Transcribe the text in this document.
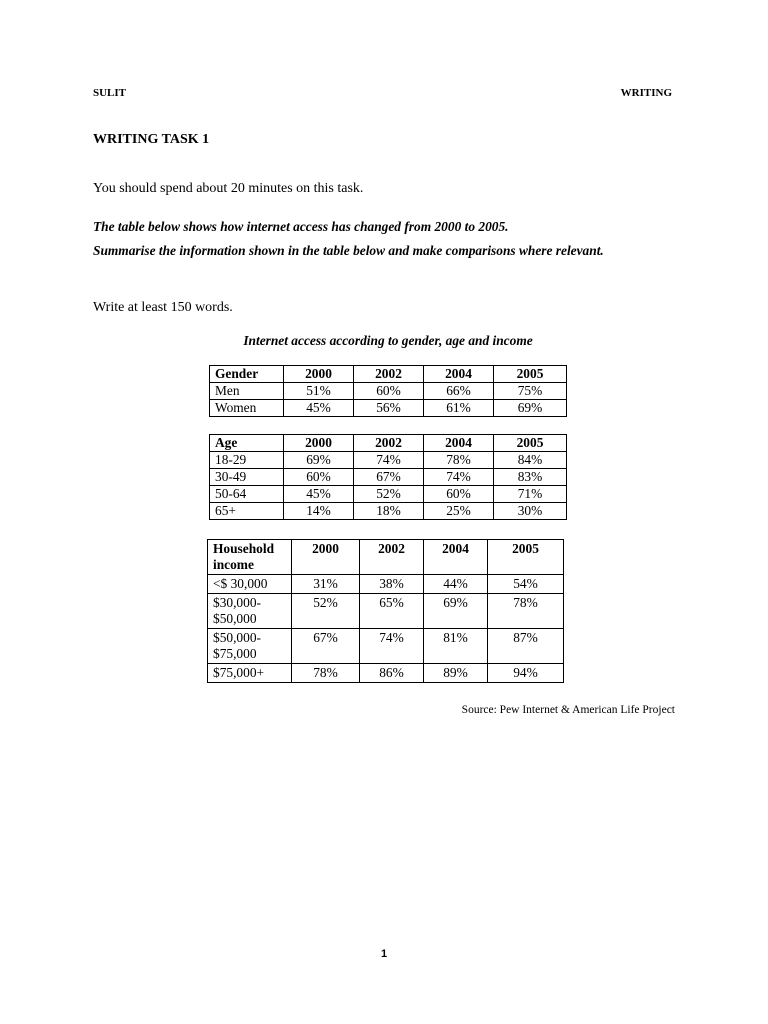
SULIT	WRITING
WRITING TASK 1
You should spend about 20 minutes on this task.
The table below shows how internet access has changed from 2000 to 2005.
Summarise the information shown in the table below and make comparisons where relevant.
Write at least 150 words.
Internet access according to gender, age and income
Gender	2000	2002	2004	2005
Men	51%	60%	66%	75%
Women	45%	56%	61%	69%
Age	2000	2002	2004	2005
18-29	69%	74%	78%	84%
30-49	60%	67%	74%	83%
50-64	45%	52%	60%	71%
65+	14%	18%	25%	30%
Household income	2000	2002	2004	2005
<$ 30,000	31%	38%	44%	54%
$30,000- $50,000	52%	65%	69%	78%
$50,000- $75,000	67%	74%	81%	87%
$75,000+	78%	86%	89%	94%
Source: Pew Internet & American Life Project
1
